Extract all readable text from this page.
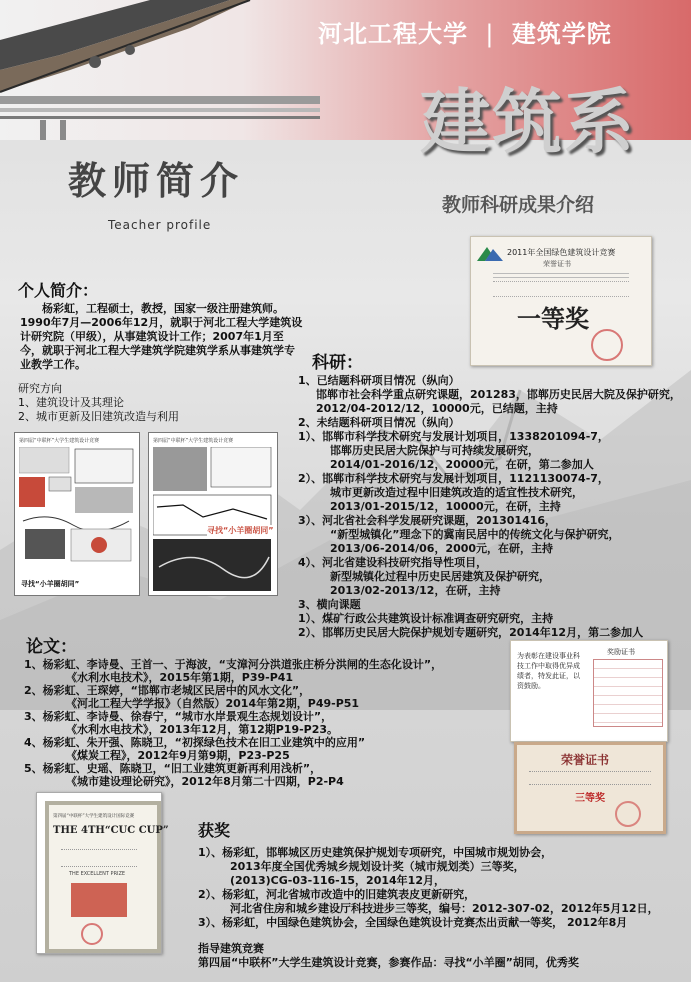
河北工程大学 | 建筑学院
建筑系
教师简介
Teacher profile
教师科研成果介绍
个人简介：
杨彩虹，工程硕士，教授，国家一级注册建筑师。1990年7月—2006年12月，就职于河北工程大学建筑设计研究院（甲级），从事建筑设计工作；2007年1月至今，就职于河北工程大学建筑学院建筑学系从事建筑学专业教学工作。
研究方向
1、建筑设计及其理论
2、城市更新及旧建筑改造与利用
2011年全国绿色建筑设计竞赛
荣誉证书
一等奖
科研：
1、已结题科研项目情况（纵向）
邯郸市社会科学重点研究课题，201283，邯郸历史民居大院及保护研究，
2012/04-2012/12，10000元，已结题，主持
2、未结题科研项目情况（纵向）
1）、邯郸市科学技术研究与发展计划项目，1338201094-7，
邯郸历史民居大院保护与可持续发展研究，
2014/01-2016/12，20000元，在研，第二参加人
2）、邯郸市科学技术研究与发展计划项目，1121130074-7，
城市更新改造过程中旧建筑改造的适宜性技术研究，
2013/01-2015/12，10000元，在研，主持
3）、河北省社会科学发展研究课题，201301416，
“新型城镇化”理念下的冀南民居中的传统文化与保护研究，
2013/06-2014/06，2000元，在研，主持
4）、河北省建设科技研究指导性项目，
新型城镇化过程中历史民居建筑及保护研究，
2013/02-2013/12，在研，主持
3、横向课题
1）、煤矿行政公共建筑设计标准调查研究研究，主持
2）、邯郸历史民居大院保护规划专题研究，2014年12月，第二参加人
第四届“中联杯”大学生建筑设计竞赛
寻找“小羊圈胡同”
第四届“中联杯”大学生建筑设计竞赛
寻找“小羊圈胡同”
为表彰在建设事业科技工作中取得优异成绩者，特发此证，以资鼓励。
奖励证书
荣誉证书
三等奖
论文：
1、杨彩虹、李诗曼、王首一、于海波，“支漳河分洪道张庄桥分洪闸的生态化设计”，
《水利水电技术》，2015年第1期，P39-P41
2、杨彩虹、王琛婷，“邯郸市老城区民居中的风水文化”，
《河北工程大学学报》（自然版）2014年第2期，P49-P51
3、杨彩虹、李诗曼、徐春宁，“城市水岸景观生态规划设计”，
《水利水电技术》，2013年12月，第12期P19-P23。
4、杨彩虹、朱开强、陈晓卫，“初探绿色技术在旧工业建筑中的应用”
《煤炭工程》，2012年9月第9期，P23-P25
5、杨彩虹、史瑶、陈晓卫，“旧工业建筑更新再利用浅析”，
《城市建设理论研究》，2012年8月第二十四期，P2-P4
第四届“中联杯”大学生建筑设计国际竞赛
THE 4TH“CUC CUP”
THE EXCELLENT PRIZE
获奖
1）、杨彩虹，邯郸城区历史建筑保护规划专项研究，中国城市规划协会，
2013年度全国优秀城乡规划设计奖（城市规划类）三等奖，
(2013)CG-03-116-15，2014年12月，
2）、杨彩虹，河北省城市改造中的旧建筑表皮更新研究，
河北省住房和城乡建设厅科技进步三等奖，编号：2012-307-02，2012年5月12日，
3）、杨彩虹，中国绿色建筑协会，全国绿色建筑设计竞赛杰出贡献一等奖， 2012年8月
指导建筑竞赛
第四届“中联杯”大学生建筑设计竞赛，参赛作品：寻找“小羊圈”胡同，优秀奖
